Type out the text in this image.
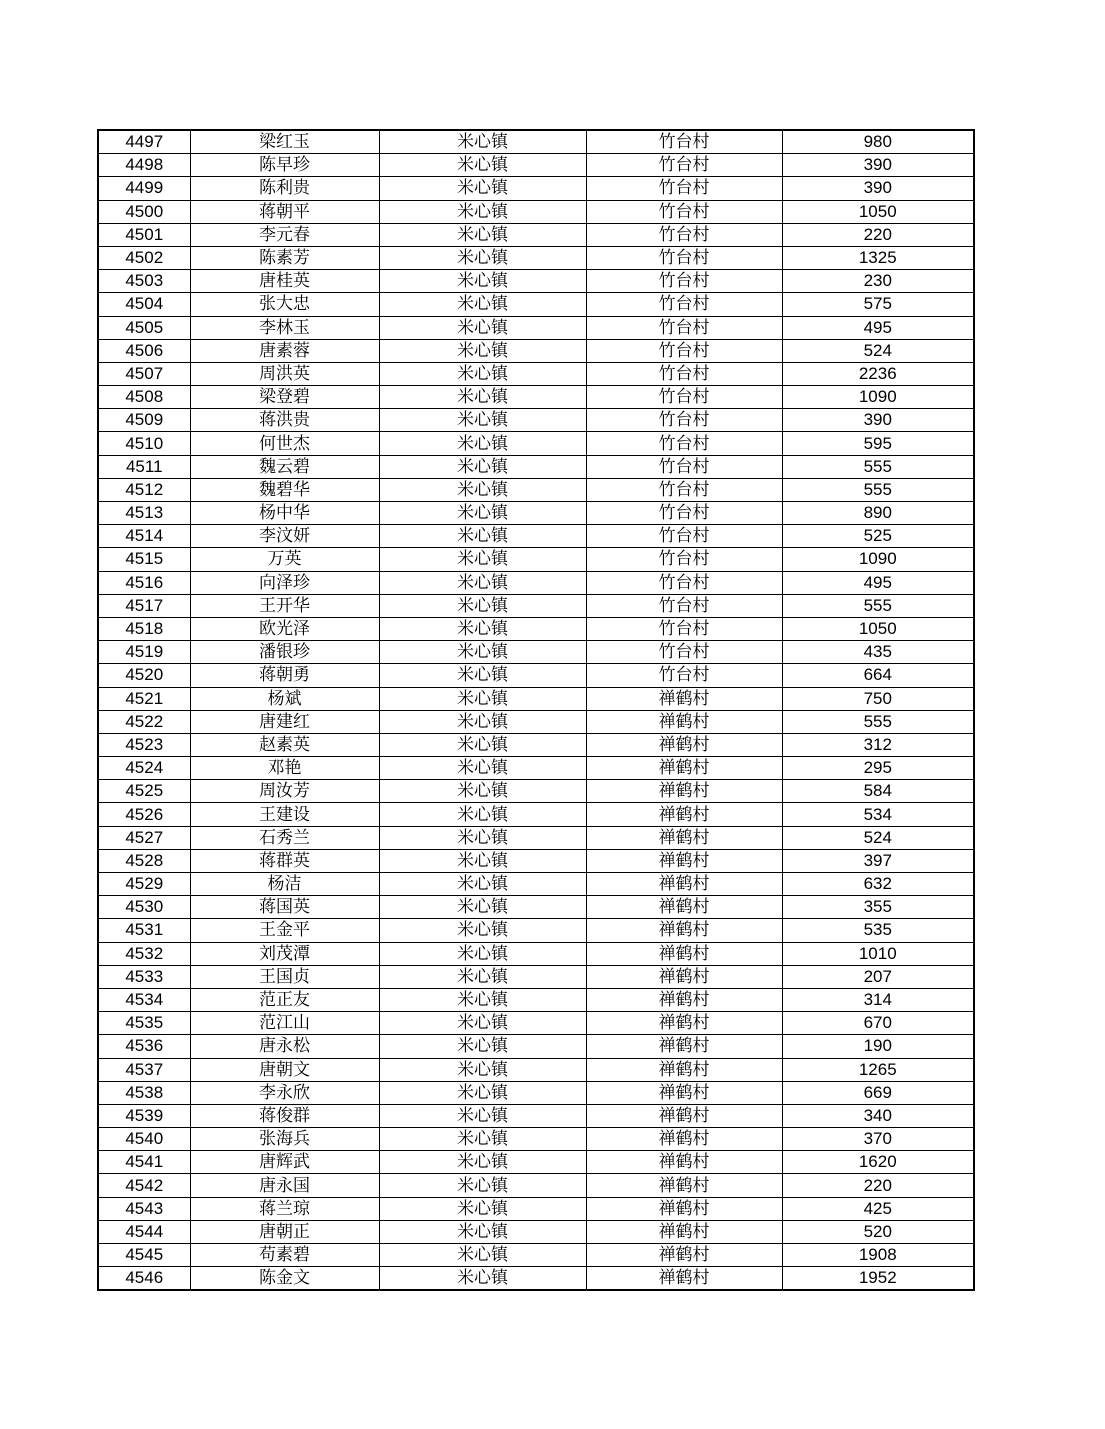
4497	梁红玉	米心镇	竹台村	980
4498	陈早珍	米心镇	竹台村	390
4499	陈利贵	米心镇	竹台村	390
4500	蒋朝平	米心镇	竹台村	1050
4501	李元春	米心镇	竹台村	220
4502	陈素芳	米心镇	竹台村	1325
4503	唐桂英	米心镇	竹台村	230
4504	张大忠	米心镇	竹台村	575
4505	李林玉	米心镇	竹台村	495
4506	唐素蓉	米心镇	竹台村	524
4507	周洪英	米心镇	竹台村	2236
4508	梁登碧	米心镇	竹台村	1090
4509	蒋洪贵	米心镇	竹台村	390
4510	何世杰	米心镇	竹台村	595
4511	魏云碧	米心镇	竹台村	555
4512	魏碧华	米心镇	竹台村	555
4513	杨中华	米心镇	竹台村	890
4514	李汶妍	米心镇	竹台村	525
4515	万英	米心镇	竹台村	1090
4516	向泽珍	米心镇	竹台村	495
4517	王开华	米心镇	竹台村	555
4518	欧光泽	米心镇	竹台村	1050
4519	潘银珍	米心镇	竹台村	435
4520	蒋朝勇	米心镇	竹台村	664
4521	杨斌	米心镇	禅鹤村	750
4522	唐建红	米心镇	禅鹤村	555
4523	赵素英	米心镇	禅鹤村	312
4524	邓艳	米心镇	禅鹤村	295
4525	周汝芳	米心镇	禅鹤村	584
4526	王建设	米心镇	禅鹤村	534
4527	石秀兰	米心镇	禅鹤村	524
4528	蒋群英	米心镇	禅鹤村	397
4529	杨洁	米心镇	禅鹤村	632
4530	蒋国英	米心镇	禅鹤村	355
4531	王金平	米心镇	禅鹤村	535
4532	刘茂潭	米心镇	禅鹤村	1010
4533	王国贞	米心镇	禅鹤村	207
4534	范正友	米心镇	禅鹤村	314
4535	范江山	米心镇	禅鹤村	670
4536	唐永松	米心镇	禅鹤村	190
4537	唐朝文	米心镇	禅鹤村	1265
4538	李永欣	米心镇	禅鹤村	669
4539	蒋俊群	米心镇	禅鹤村	340
4540	张海兵	米心镇	禅鹤村	370
4541	唐辉武	米心镇	禅鹤村	1620
4542	唐永国	米心镇	禅鹤村	220
4543	蒋兰琼	米心镇	禅鹤村	425
4544	唐朝正	米心镇	禅鹤村	520
4545	苟素碧	米心镇	禅鹤村	1908
4546	陈金文	米心镇	禅鹤村	1952
